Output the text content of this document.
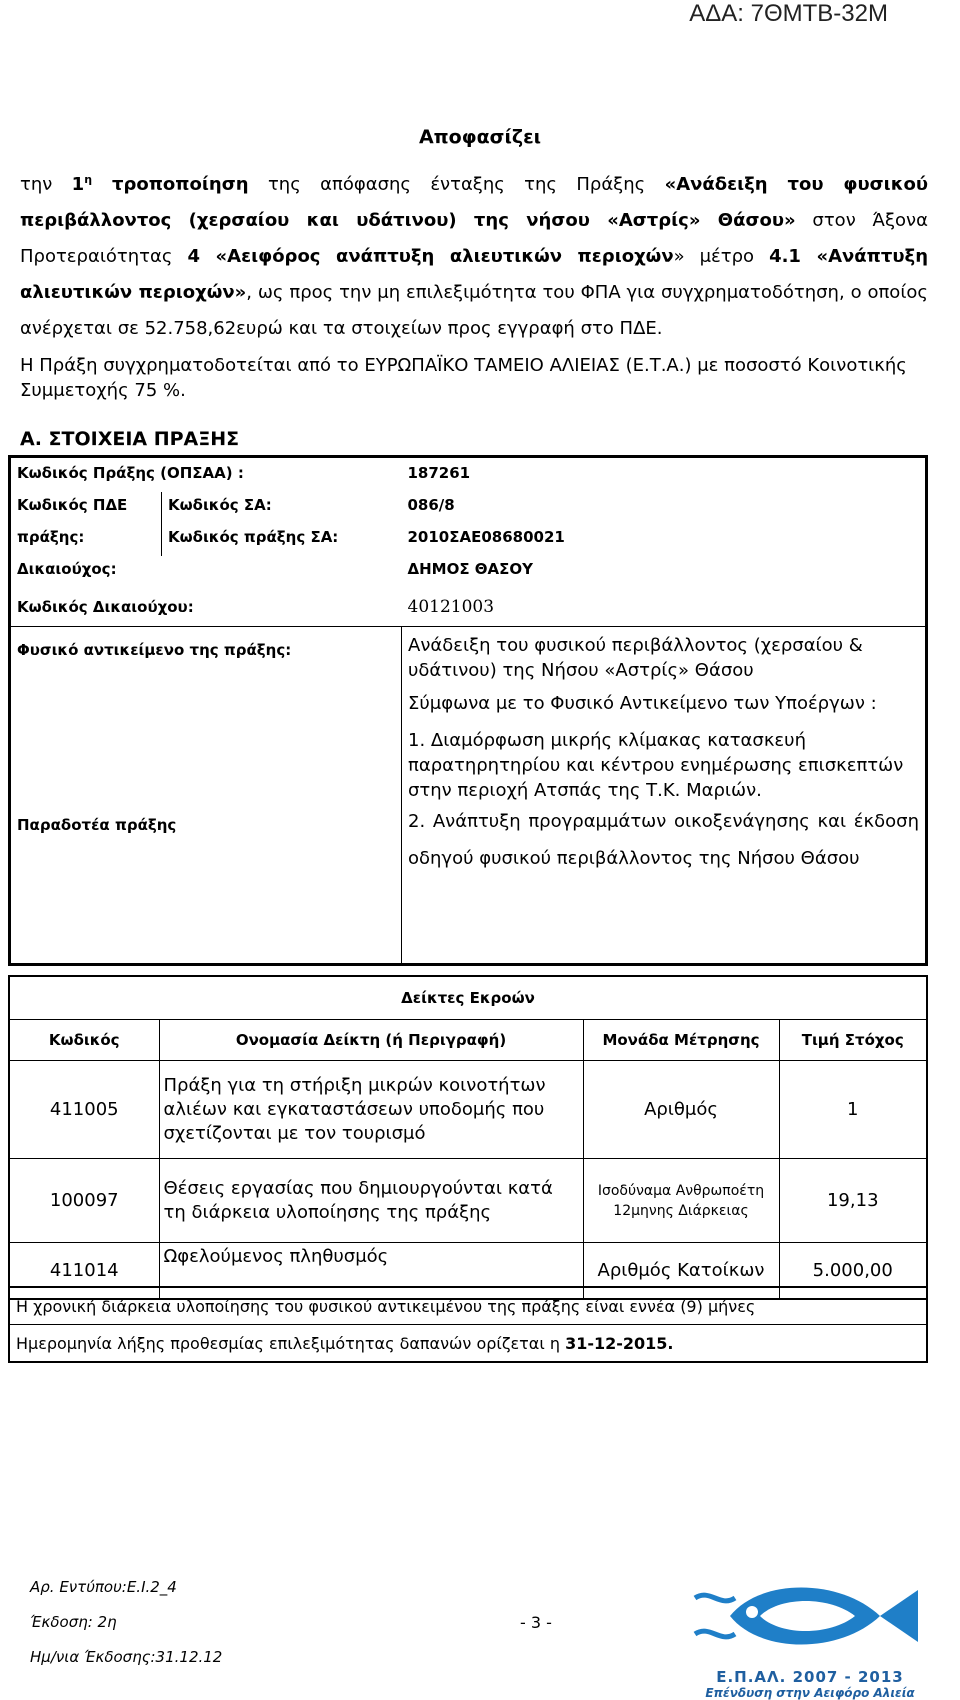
ΑΔΑ: 7ΘΜΤΒ-32Μ
Αποφασίζει
την $1^\eta$ τροποποίηση της απόφασης ένταξης της Πράξης «Ανάδειξη του φυσικού περιβάλλοντος (χερσαίου και υδάτινου) της νήσου «Αστρίς» Θάσου» στον Άξονα Προτεραιότητας 4 «Αειφόρος ανάπτυξη αλιευτικών περιοχών» μέτρο 4.1 «Ανάπτυξη αλιευτικών περιοχών», ως προς την μη επιλεξιμότητα του ΦΠΑ για συγχρηματοδότηση, ο οποίος ανέρχεται σε 52.758,62ευρώ και τα στοιχείων προς εγγραφή στο ΠΔΕ.
Η Πράξη συγχρηματοδοτείται από το ΕΥΡΩΠΑΪΚΟ ΤΑΜΕΙΟ ΑΛΙΕΙΑΣ (Ε.Τ.Α.) με ποσοστό Κοινοτικής Συμμετοχής 75 %.
Α. ΣΤΟΙΧΕΙΑ ΠΡΑΞΗΣ
Κωδικός Πράξης (ΟΠΣΑΑ) :		187261
Κωδικός ΠΔΕ	Κωδικός ΣΑ:	086/8
πράξης:	Κωδικός πράξης ΣΑ:	2010ΣΑΕ08680021
Δικαιούχος:		ΔΗΜΟΣ ΘΑΣΟΥ
Κωδικός Δικαιούχου:		40121003
Φυσικό αντικείμενο της πράξης:		Ανάδειξη του φυσικού περιβάλλοντος (χερσαίου & υδάτινου) της Νήσου «Αστρίς» Θάσου
Παραδοτέα πράξης		Σύμφωνα με το Φυσικό Αντικείμενο των Υποέργων :
1. Διαμόρφωση μικρής κλίμακας κατασκευή παρατηρητηρίου και κέντρου ενημέρωσης επισκεπτών στην περιοχή Ατσπάς της Τ.Κ. Μαριών.
2. Ανάπτυξη προγραμμάτων οικοξενάγησης και έκδοση οδηγού φυσικού περιβάλλοντος της Νήσου Θάσου
Δείκτες Εκροών			
Κωδικός	Ονομασία Δείκτη (ή Περιγραφή)	Μονάδα Μέτρησης	Τιμή Στόχος
411005	Πράξη για τη στήριξη μικρών κοινοτήτων αλιέων και εγκαταστάσεων υποδομής που σχετίζονται με τον τουρισμό	Αριθμός	1
100097	Θέσεις εργασίας που δημιουργούνται κατά τη διάρκεια υλοποίησης της πράξης	Ισοδύναμα Ανθρωποέτη 12μηνης Διάρκειας	19,13
411014	Ωφελούμενος πληθυσμός	Αριθμός Κατοίκων	5.000,00
Η χρονική διάρκεια υλοποίησης του φυσικού αντικειμένου της πράξης είναι εννέα (9) μήνες
Ημερομηνία λήξης προθεσμίας επιλεξιμότητας δαπανών ορίζεται η 31-12-2015.
Αρ. Εντύπου:Ε.Ι.2_4
Έκδοση: 2η
Ημ/νια Έκδοσης:31.12.12
- 3 -
Ε.Π.ΑΛ. 2007 - 2013
Επένδυση στην Αειφόρο Αλιεία
